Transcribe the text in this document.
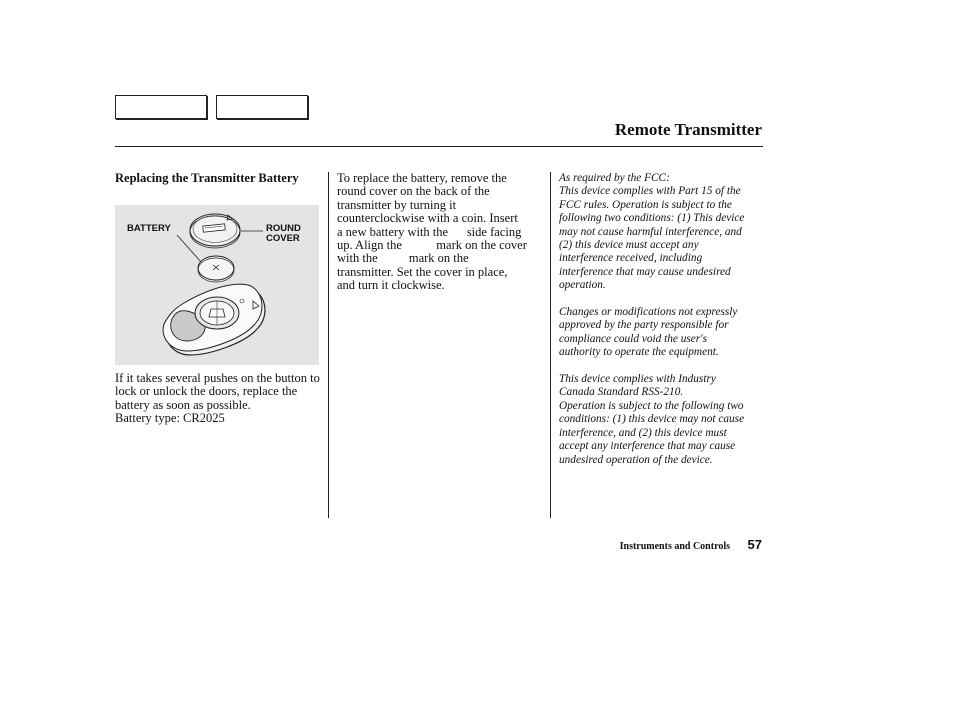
Remote Transmitter
Replacing the Transmitter Battery
BATTERY	ROUND
COVER

If it takes several pushes on the button to lock or unlock the doors, replace the battery as soon as possible.

Battery type: CR2025

To replace the battery, remove the
round cover on the back of the
transmitter by turning it
counterclockwise with a coin. Insert
a new battery with the      side facing
up. Align the           mark on the cover
with the          mark on the
transmitter. Set the cover in place,
and turn it clockwise.

As required by the FCC:

This device complies with Part 15 of the

FCC rules. Operation is subject to the

following two conditions: (1) This device

may not cause harmful interference, and

(2) this device must accept any

interference received, including

interference that may cause undesired

operation.

Changes or modifications not expressly

approved by the party responsible for

compliance could void the user's

authority to operate the equipment.

This device complies with Industry

Canada Standard RSS-210.

Operation is subject to the following two

conditions: (1) this device may not cause

interference, and (2) this device must

accept any interference that may cause

undesired operation of the device.

Instruments and Controls 57
